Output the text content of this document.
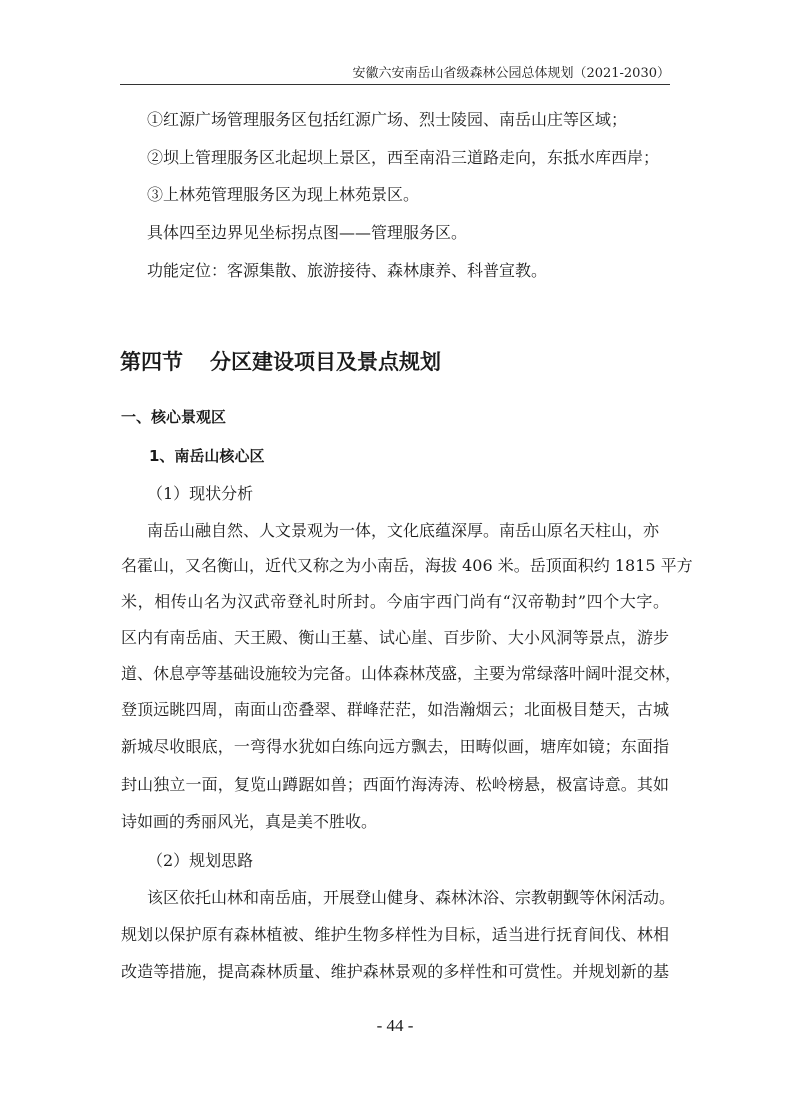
安徽六安南岳山省级森林公园总体规划（2021-2030）
①红源广场管理服务区包括红源广场、烈士陵园、南岳山庄等区域；
②坝上管理服务区北起坝上景区，西至南沿三道路走向，东抵水库西岸；
③上林苑管理服务区为现上林苑景区。
具体四至边界见坐标拐点图——管理服务区。
功能定位：客源集散、旅游接待、森林康养、科普宣教。
第四节 分区建设项目及景点规划
一、核心景观区
1、南岳山核心区
（1）现状分析
南岳山融自然、人文景观为一体，文化底蕴深厚。南岳山原名天柱山，亦
名霍山，又名衡山，近代又称之为小南岳，海拔 406 米。岳顶面积约 1815 平方
米，相传山名为汉武帝登礼时所封。今庙宇西门尚有“汉帝勒封”四个大字。
区内有南岳庙、天王殿、衡山王墓、试心崖、百步阶、大小风洞等景点，游步
道、休息亭等基础设施较为完备。山体森林茂盛，主要为常绿落叶阔叶混交林，
登顶远眺四周，南面山峦叠翠、群峰茫茫，如浩瀚烟云；北面极目楚天，古城
新城尽收眼底，一弯得水犹如白练向远方飘去，田畴似画，塘库如镜；东面指
封山独立一面，复览山蹲踞如兽；西面竹海涛涛、松岭榜悬，极富诗意。其如
诗如画的秀丽风光，真是美不胜收。
（2）规划思路
该区依托山林和南岳庙，开展登山健身、森林沐浴、宗教朝觐等休闲活动。
规划以保护原有森林植被、维护生物多样性为目标，适当进行抚育间伐、林相
改造等措施，提高森林质量、维护森林景观的多样性和可赏性。并规划新的基
- 44 -
